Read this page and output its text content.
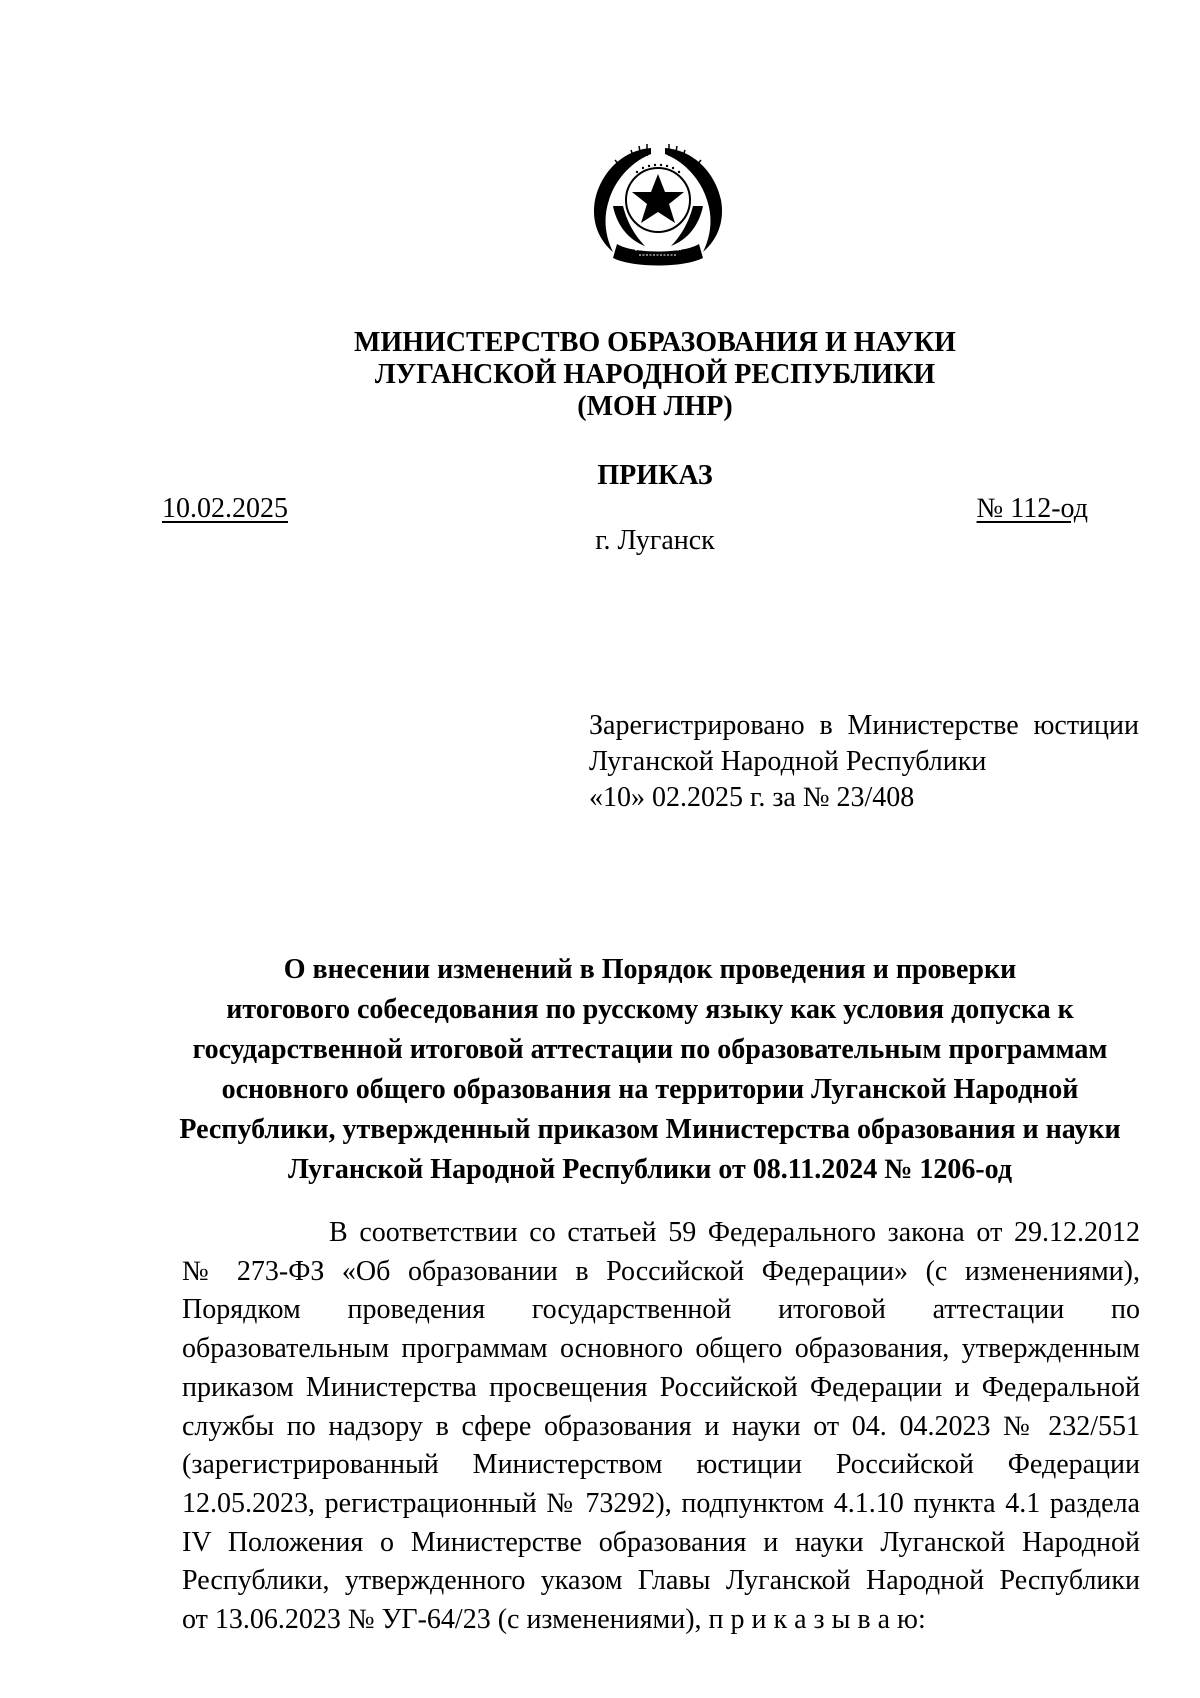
МИНИСТЕРСТВО ОБРАЗОВАНИЯ И НАУКИ
ЛУГАНСКОЙ НАРОДНОЙ РЕСПУБЛИКИ
(МОН ЛНР)
ПРИКАЗ
10.02.2025	№ 112-од
г. Луганск
Зарегистрировано в Министерстве юстиции
Луганской Народной Республики
«10» 02.2025 г. за № 23/408
О внесении изменений в Порядок проведения и проверки
итогового собеседования по русскому языку как условия допуска к
государственной итоговой аттестации по образовательным программам
основного общего образования на территории Луганской Народной
Республики, утвержденный приказом Министерства образования и науки
Луганской Народной Республики от 08.11.2024 № 1206-од
В соответствии со статьей 59 Федерального закона от 29.12.2012
№ 273-ФЗ «Об образовании в Российской Федерации» (с изменениями),
Порядком проведения государственной итоговой аттестации по
образовательным программам основного общего образования, утвержденным
приказом Министерства просвещения Российской Федерации и Федеральной
службы по надзору в сфере образования и науки от 04. 04.2023 № 232/551
(зарегистрированный Министерством юстиции Российской Федерации
12.05.2023, регистрационный № 73292), подпунктом 4.1.10 пункта 4.1 раздела
IV Положения о Министерстве образования и науки Луганской Народной
Республики, утвержденного указом Главы Луганской Народной Республики
от 13.06.2023 № УГ-64/23 (с изменениями), п р и к а з ы в а ю:
